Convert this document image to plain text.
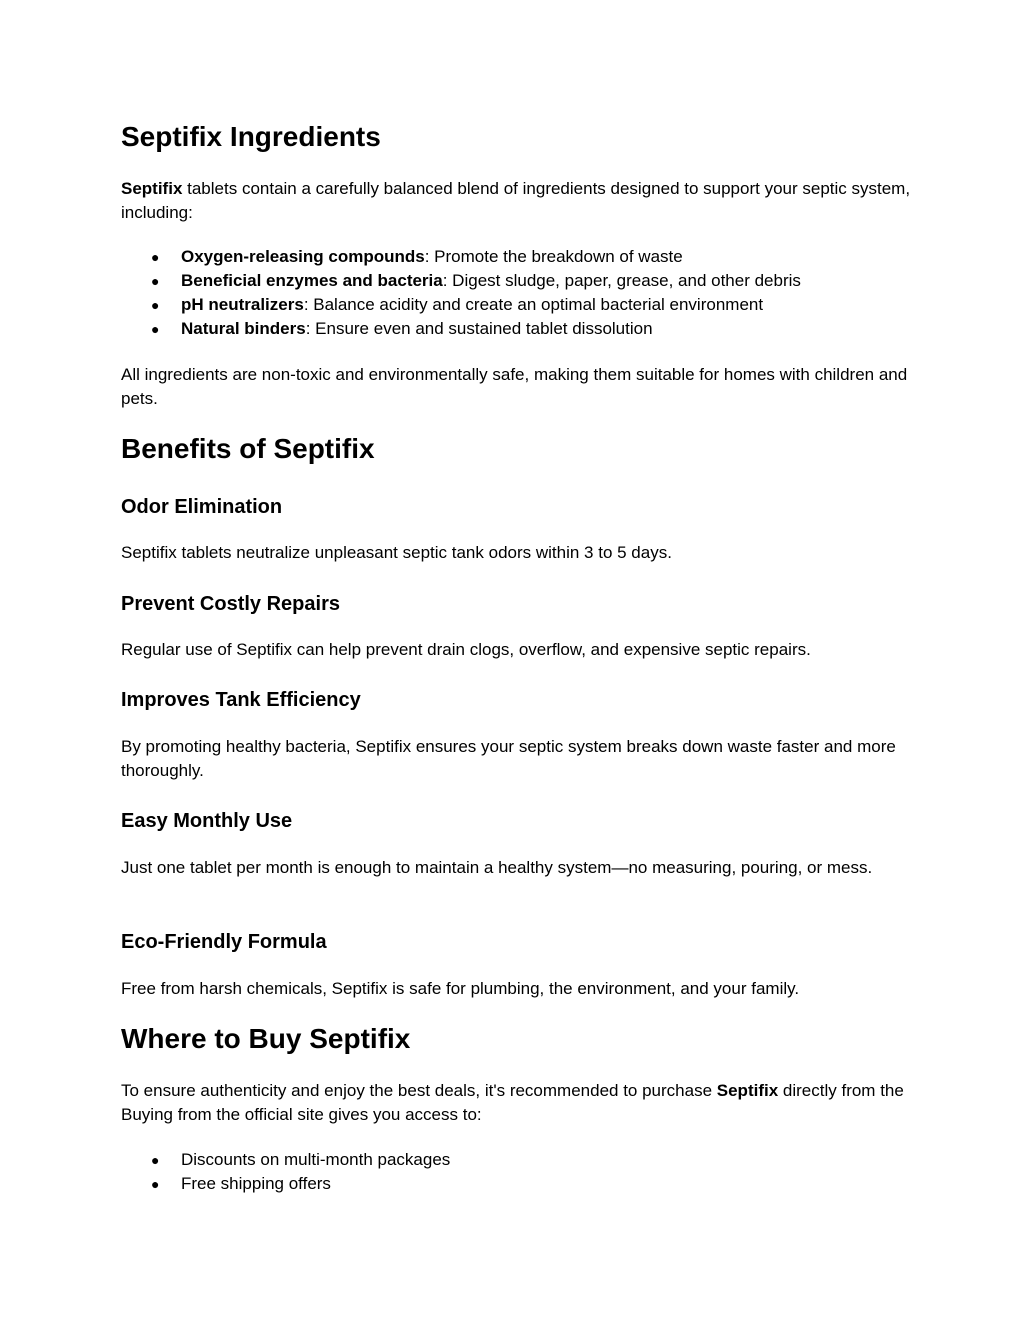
Septifix Ingredients

Septifix tablets contain a carefully balanced blend of ingredients designed to support your septic system, including:

● Oxygen-releasing compounds: Promote the breakdown of waste
● Beneficial enzymes and bacteria: Digest sludge, paper, grease, and other debris
● pH neutralizers: Balance acidity and create an optimal bacterial environment
● Natural binders: Ensure even and sustained tablet dissolution

All ingredients are non-toxic and environmentally safe, making them suitable for homes with children and pets.

Benefits of Septifix
Odor Elimination

Septifix tablets neutralize unpleasant septic tank odors within 3 to 5 days.

Prevent Costly Repairs

Regular use of Septifix can help prevent drain clogs, overflow, and expensive septic repairs.

Improves Tank Efficiency

By promoting healthy bacteria, Septifix ensures your septic system breaks down waste faster and more thoroughly.

Easy Monthly Use

Just one tablet per month is enough to maintain a healthy system—no measuring, pouring, or mess.

Eco-Friendly Formula

Free from harsh chemicals, Septifix is safe for plumbing, the environment, and your family.

Where to Buy Septifix

To ensure authenticity and enjoy the best deals, it's recommended to purchase Septifix directly from the Buying from the official site gives you access to:

● Discounts on multi-month packages
● Free shipping offers
